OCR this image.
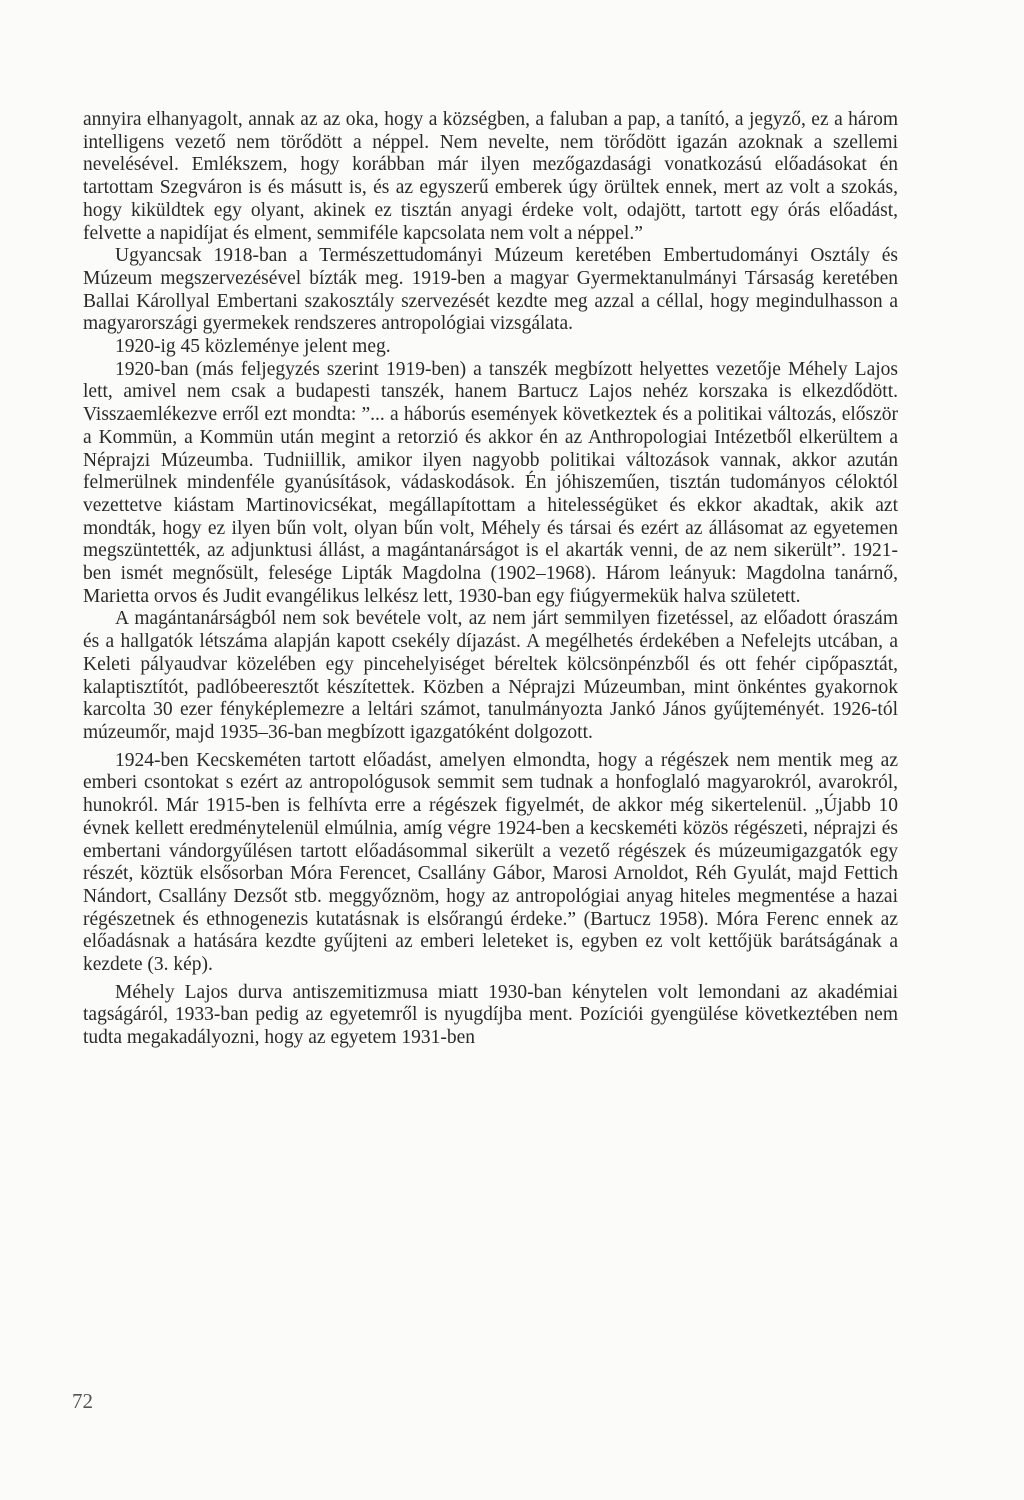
annyira elhanyagolt, annak az az oka, hogy a községben, a faluban a pap, a tanító, a jegyző, ez a három intelligens vezető nem törődött a néppel. Nem nevelte, nem törődött igazán azoknak a szellemi nevelésével. Emlékszem, hogy korábban már ilyen mezőgazdasági vonatkozású előadásokat én tartottam Szegváron is és másutt is, és az egyszerű emberek úgy örültek ennek, mert az volt a szokás, hogy kiküldtek egy olyant, akinek ez tisztán anyagi érdeke volt, odajött, tartott egy órás előadást, felvette a napidíjat és elment, semmiféle kapcsolata nem volt a néppel.”

Ugyancsak 1918-ban a Természettudományi Múzeum keretében Embertudományi Osztály és Múzeum megszervezésével bízták meg. 1919-ben a magyar Gyermektanulmányi Társaság keretében Ballai Károllyal Embertani szakosztály szervezését kezdte meg azzal a céllal, hogy megindulhasson a magyarországi gyermekek rendszeres antropológiai vizsgálata.

1920-ig 45 közleménye jelent meg.

1920-ban (más feljegyzés szerint 1919-ben) a tanszék megbízott helyettes vezetője Méhely Lajos lett, amivel nem csak a budapesti tanszék, hanem Bartucz Lajos nehéz korszaka is elkezdődött. Visszaemlékezve erről ezt mondta: ”... a háborús események következtek és a politikai változás, először a Kommün, a Kommün után megint a retorzió és akkor én az Anthropologiai Intézetből elkerültem a Néprajzi Múzeumba. Tudniillik, amikor ilyen nagyobb politikai változások vannak, akkor azután felmerülnek mindenféle gyanúsítások, vádaskodások. Én jóhiszeműen, tisztán tudományos céloktól vezettetve kiástam Martinovicsékat, megállapítottam a hitelességüket és ekkor akadtak, akik azt mondták, hogy ez ilyen bűn volt, olyan bűn volt, Méhely és társai és ezért az állásomat az egyetemen megszüntették, az adjunktusi állást, a magántanárságot is el akarták venni, de az nem sikerült”. 1921-ben ismét megnősült, felesége Lipták Magdolna (1902–1968). Három leányuk: Magdolna tanárnő, Marietta orvos és Judit evangélikus lelkész lett, 1930-ban egy fiúgyermekük halva született.

A magántanárságból nem sok bevétele volt, az nem járt semmilyen fizetéssel, az előadott óraszám és a hallgatók létszáma alapján kapott csekély díjazást. A megélhetés érdekében a Nefelejts utcában, a Keleti pályaudvar közelében egy pincehelyiséget béreltek kölcsönpénzből és ott fehér cipőpasztát, kalaptisztítót, padlóbeeresztőt készítettek. Közben a Néprajzi Múzeumban, mint önkéntes gyakornok karcolta 30 ezer fényképlemezre a leltári számot, tanulmányozta Jankó János gyűjteményét. 1926-tól múzeumőr, majd 1935–36-ban megbízott igazgatóként dolgozott.

1924-ben Kecskeméten tartott előadást, amelyen elmondta, hogy a régészek nem mentik meg az emberi csontokat s ezért az antropológusok semmit sem tudnak a honfoglaló magyarokról, avarokról, hunokról. Már 1915-ben is felhívta erre a régészek figyelmét, de akkor még sikertelenül. „Újabb 10 évnek kellett eredménytelenül elmúlnia, amíg végre 1924-ben a kecskeméti közös régészeti, néprajzi és embertani vándorgyűlésen tartott előadásommal sikerült a vezető régészek és múzeumigazgatók egy részét, köztük elsősorban Móra Ferencet, Csallány Gábor, Marosi Arnoldot, Réh Gyulát, majd Fettich Nándort, Csallány Dezsőt stb. meggyőznöm, hogy az antropológiai anyag hiteles megmentése a hazai régészetnek és ethnogenezis kutatásnak is elsőrangú érdeke.” (Bartucz 1958). Móra Ferenc ennek az előadásnak a hatására kezdte gyűjteni az emberi leleteket is, egyben ez volt kettőjük barátságának a kezdete (3. kép).

Méhely Lajos durva antiszemitizmusa miatt 1930-ban kénytelen volt lemondani az akadémiai tagságáról, 1933-ban pedig az egyetemről is nyugdíjba ment. Pozíciói gyengülése következtében nem tudta megakadályozni, hogy az egyetem 1931-ben

72
